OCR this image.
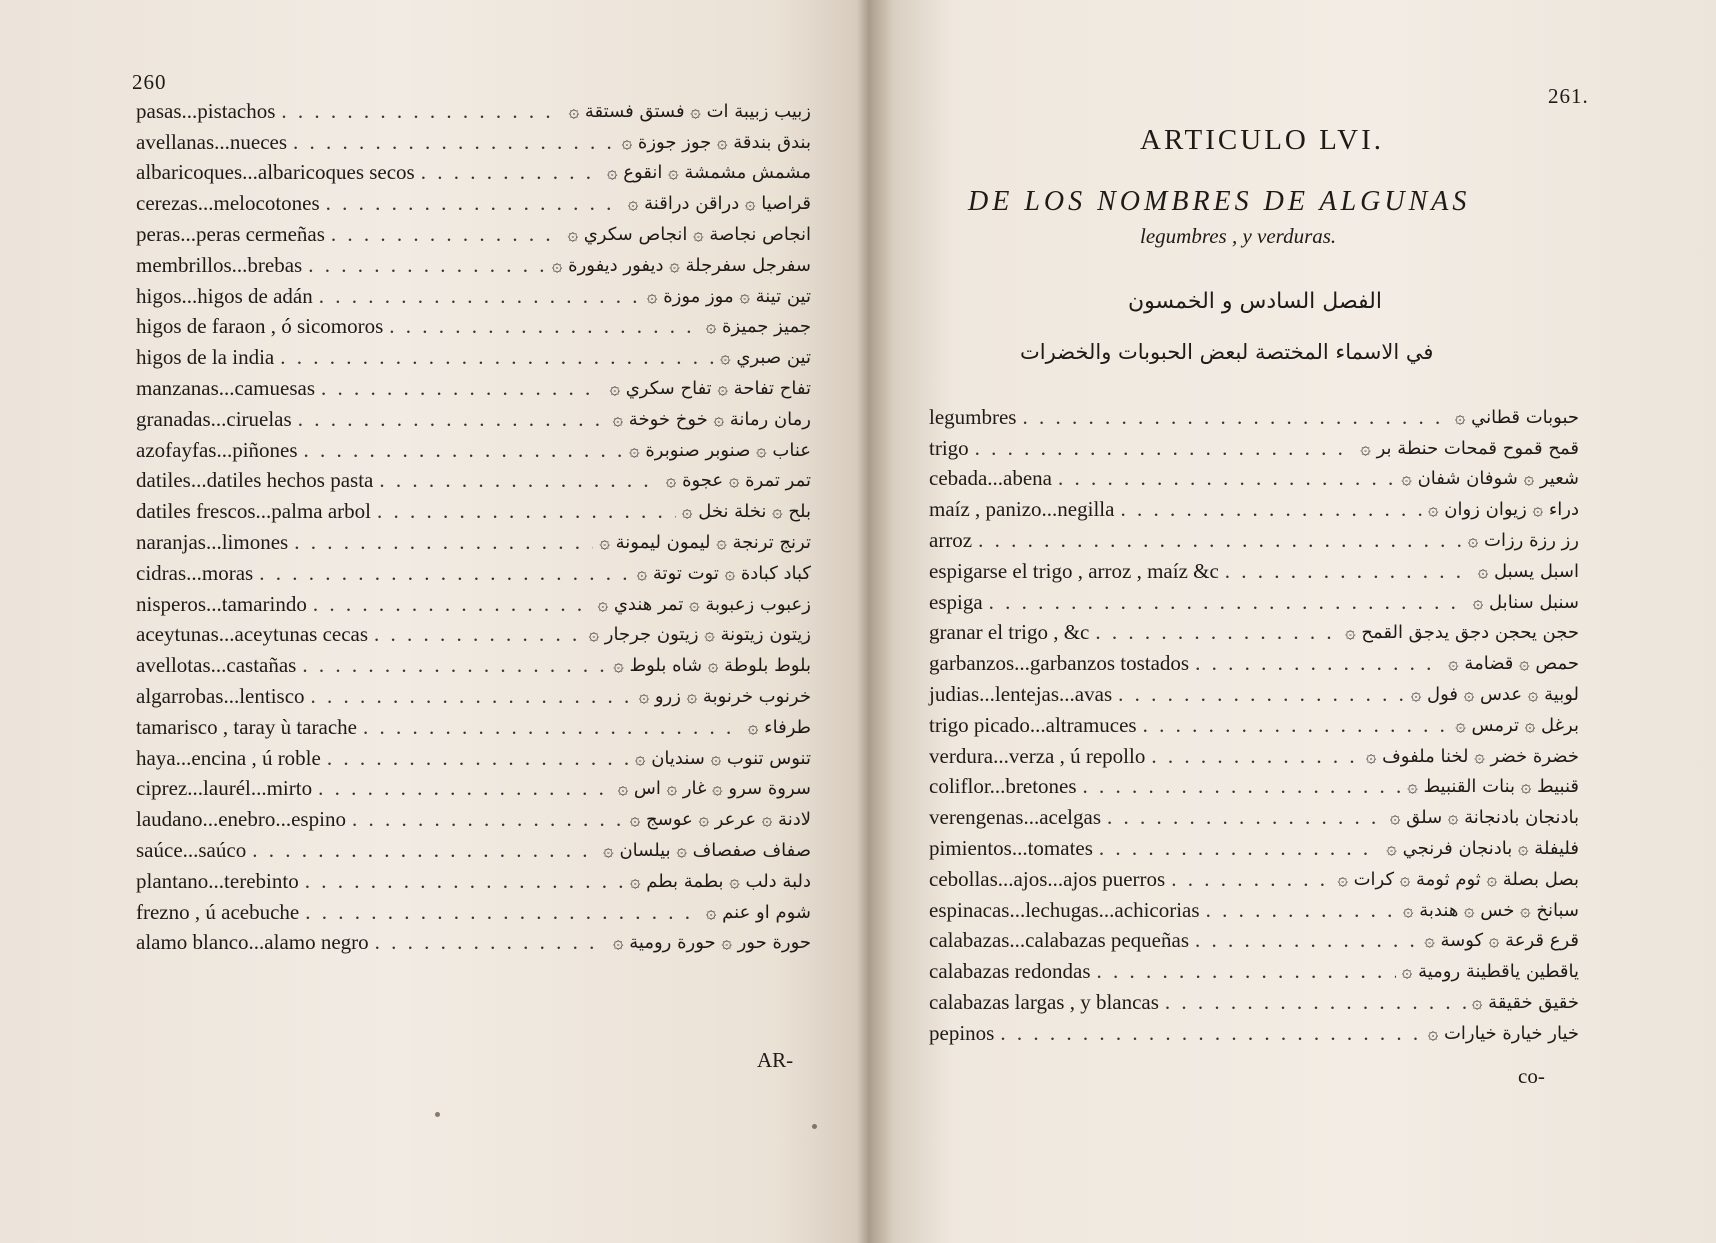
260
pasas...pistachos . . .	زبيب زبيبة ات ۞ فستق فستقة ۞
avellanas...nueces . . .	بندق بندقة ۞ جوز جوزة ۞
albaricoques...albaricoques secos . . .	مشمش مشمشة ۞ انقوع ۞
cerezas...melocotones . . .	قراصيا ۞ دراقن دراقنة ۞
peras...peras cermeñas . . .	انجاص نجاصة ۞ انجاص سكري ۞
membrillos...brebas . . .	سفرجل سفرجلة ۞ ديفور ديفورة ۞
higos...higos de adán . . .	تين تينة ۞ موز موزة ۞
higos de faraon , ó sicomoros . . .	جميز جميزة ۞
higos de la india . . .	تين صبري ۞
manzanas...camuesas . . .	تفاح تفاحة ۞ تفاح سكري ۞
granadas...ciruelas . . .	رمان رمانة ۞ خوخ خوخة ۞
azofayfas...piñones . . .	عناب ۞ صنوبر صنوبرة ۞
datiles...datiles hechos pasta . . .	تمر تمرة ۞ عجوة ۞
datiles frescos...palma arbol . . .	بلح ۞ نخلة نخل ۞
naranjas...limones . . .	ترنج ترنجة ۞ ليمون ليمونة ۞
cidras...moras . . .	كباد كبادة ۞ توت توتة ۞
nisperos...tamarindo . . .	زعبوب زعبوبة ۞ تمر هندي ۞
aceytunas...aceytunas cecas . . .	زيتون زيتونة ۞ زيتون جرجار ۞
avellotas...castañas . . .	بلوط بلوطة ۞ شاه بلوط ۞
algarrobas...lentisco . . .	خرنوب خرنوبة ۞ زرو ۞
tamarisco , taray ù tarache . . .	طرفاء ۞
haya...encina , ú roble . . .	تنوس تنوب ۞ سنديان ۞
ciprez...laurél...mirto . . .	سروة سرو ۞ غار ۞ اس ۞
laudano...enebro...espino . . .	لادنة ۞ عرعر ۞ عوسج ۞
saúce...saúco . . .	صفاف صفصاف ۞ بيلسان ۞
plantano...terebinto . . .	دلبة دلب ۞ بطمة بطم ۞
frezno , ú acebuche . . .	شوم او عنم ۞
alamo blanco...alamo negro . . .	حورة حور ۞ حورة رومية ۞
AR-
261.
ARTICULO LVI.
DE LOS NOMBRES DE ALGUNAS
legumbres , y verduras.
الفصل السادس و الخمسون
في الاسماء المختصة لبعض الحبوبات والخضرات
legumbres . . .	حبوبات قطاني ۞
trigo . . .	قمح قموح قمحات حنطة بر ۞
cebada...abena . . .	شعير ۞ شوفان شفان ۞
maíz , panizo...negilla . . .	دراء ۞ زيوان زوان ۞
arroz . . .	رز رزة رزات ۞
espigarse el trigo , arroz , maíz &c . . .	اسبل يسبل ۞
espiga . . .	سنبل سنابل ۞
granar el trigo , &c . . .	حجن يحجن دجق يدجق القمح ۞
garbanzos...garbanzos tostados . . .	حمص ۞ قضامة ۞
judias...lentejas...avas . . .	لوبية ۞ عدس ۞ فول ۞
trigo picado...altramuces . . .	برغل ۞ ترمس ۞
verdura...verza , ú repollo . . .	خضرة خضر ۞ لخنا ملفوف ۞
coliflor...bretones . . .	قنبيط ۞ بنات القنبيط ۞
verengenas...acelgas . . .	بادنجان بادنجانة ۞ سلق ۞
pimientos...tomates . . .	فليفلة ۞ بادنجان فرنجي ۞
cebollas...ajos...ajos puerros . . .	بصل بصلة ۞ ثوم ثومة ۞ كرات ۞
espinacas...lechugas...achicorias . . .	سبانخ ۞ خس ۞ هندبة ۞
calabazas...calabazas pequeñas . . .	قرع قرعة ۞ كوسة ۞
calabazas redondas . . .	ياقطين ياقطينة رومية ۞
calabazas largas , y blancas . . .	خقيق خقيقة ۞
pepinos . . .	خيار خيارة خيارات ۞
co-
